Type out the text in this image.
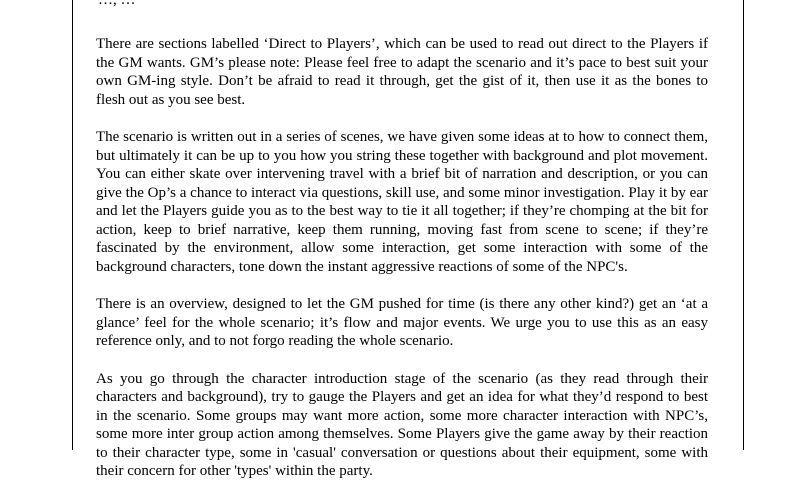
…, …

There are sections labelled ‘Direct to Players’, which can be used to read out direct to the Players if the GM wants. GM’s please note: Please feel free to adapt the scenario and it’s pace to best suit your own GM-ing style. Don’t be afraid to read it through, get the gist of it, then use it as the bones to flesh out as you see best.

The scenario is written out in a series of scenes, we have given some ideas at to how to connect them, but ultimately it can be up to you how you string these together with background and plot movement. You can either skate over intervening travel with a brief bit of narration and description, or you can give the Op’s a chance to interact via questions, skill use, and some minor investigation. Play it by ear and let the Players guide you as to the best way to tie it all together; if they’re chomping at the bit for action, keep to brief narrative, keep them running, moving fast from scene to scene; if they’re fascinated by the environment, allow some interaction, get some interaction with some of the background characters, tone down the instant aggressive reactions of some of the NPC's.

There is an overview, designed to let the GM pushed for time (is there any other kind?) get an ‘at a glance’ feel for the whole scenario; it’s flow and major events. We urge you to use this as an easy reference only, and to not forgo reading the whole scenario.

As you go through the character introduction stage of the scenario (as they read through their characters and background), try to gauge the Players and get an idea for what they’d respond to best in the scenario. Some groups may want more action, some more character interaction with NPC’s, some more inter group action among themselves. Some Players give the game away by their reaction to their character type, some in 'casual' conversation or questions about their equipment, some with their concern for other 'types' within the party.
